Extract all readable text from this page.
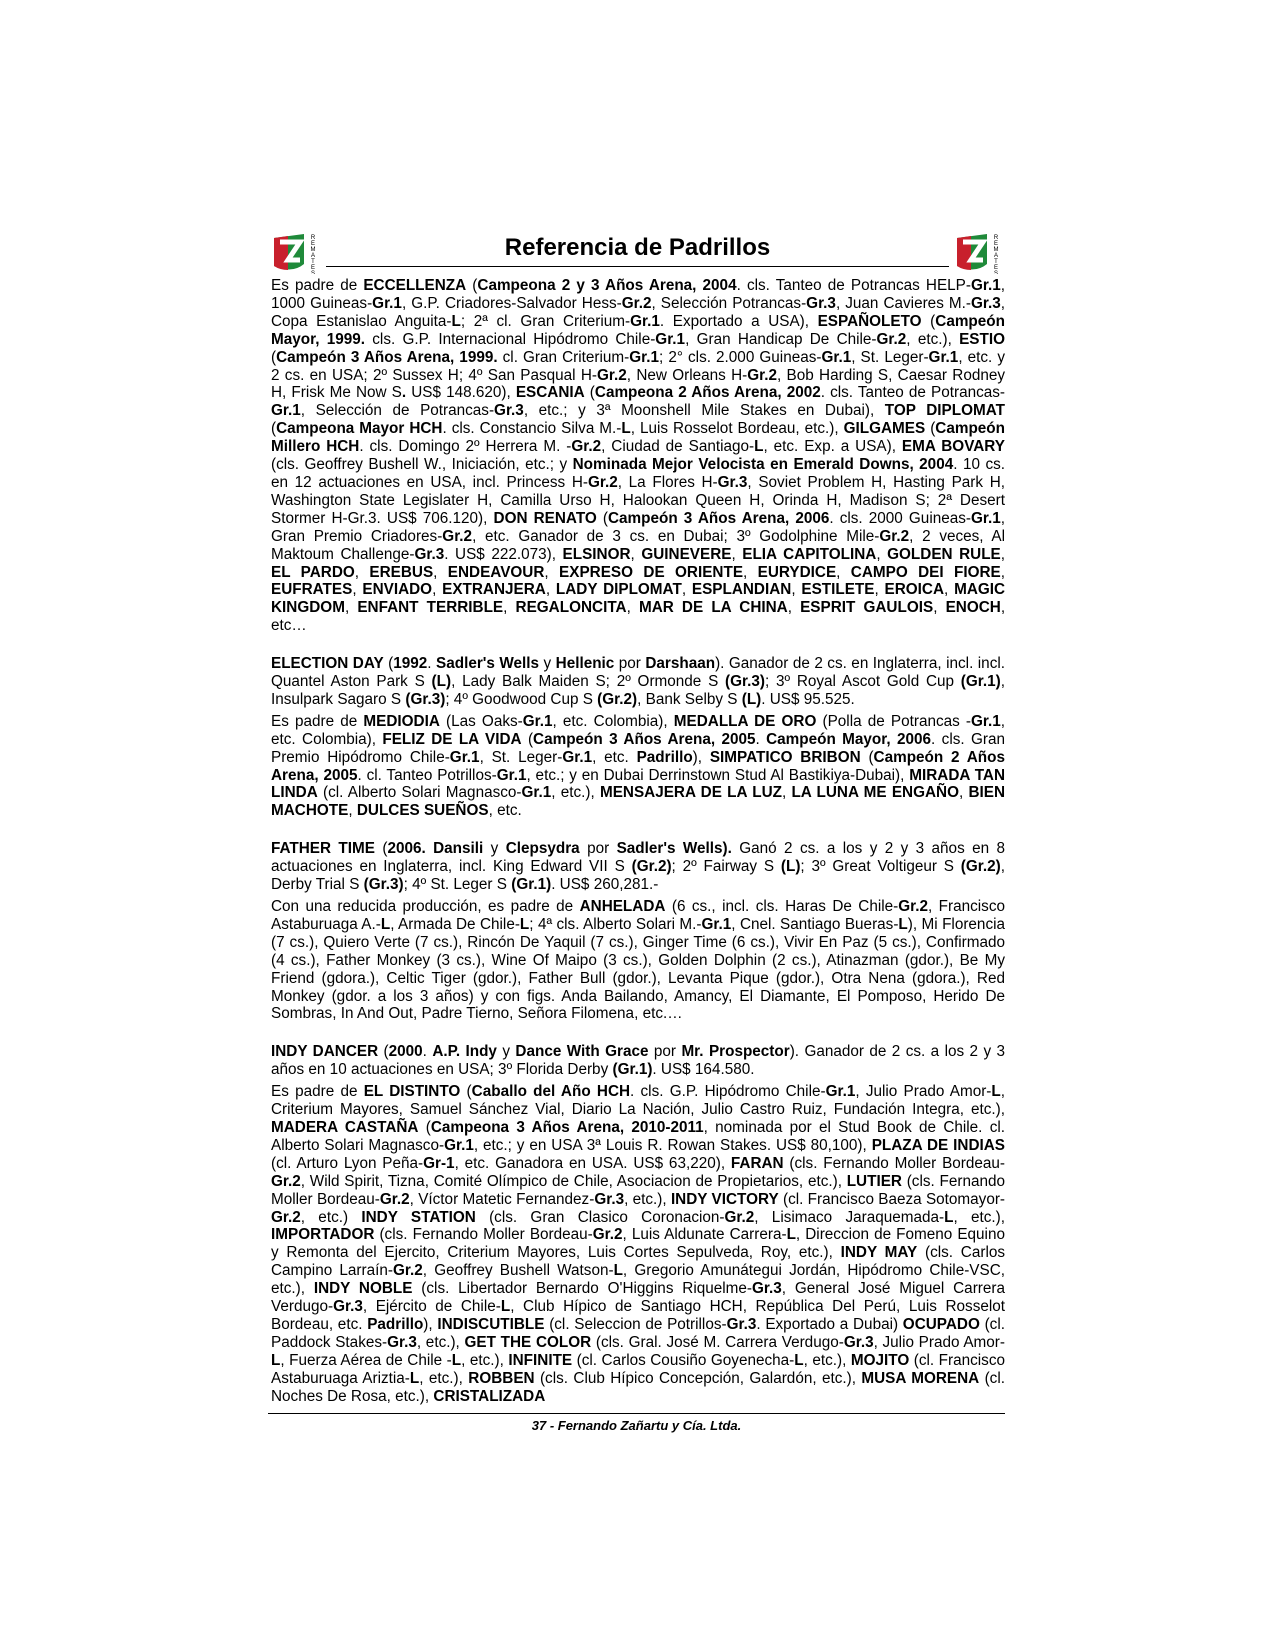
R E M A T E S
Referencia de Padrillos	R E M A T E S

Es padre de ECCELLENZA (Campeona 2 y 3 Años Arena, 2004. cls. Tanteo de Potrancas HELP-Gr.1, 1000 Guineas-Gr.1, G.P. Criadores-Salvador Hess-Gr.2, Selección Potrancas-Gr.3, Juan Cavieres M.-Gr.3, Copa Estanislao Anguita-L; 2ª cl. Gran Criterium-Gr.1. Exportado a USA), ESPAÑOLETO (Campeón Mayor, 1999. cls. G.P. Internacional Hipódromo Chile-Gr.1, Gran Handicap De Chile-Gr.2, etc.), ESTIO (Campeón 3 Años Arena, 1999. cl. Gran Criterium-Gr.1; 2° cls. 2.000 Guineas-Gr.1, St. Leger-Gr.1, etc. y 2 cs. en USA; 2º Sussex H; 4º San Pasqual H-Gr.2, New Orleans H-Gr.2, Bob Harding S, Caesar Rodney H, Frisk Me Now S. US$ 148.620), ESCANIA (Campeona 2 Años Arena, 2002. cls. Tanteo de Potrancas-Gr.1, Selección de Potrancas-Gr.3, etc.; y 3ª Moonshell Mile Stakes en Dubai), TOP DIPLOMAT (Campeona Mayor HCH. cls. Constancio Silva M.-L, Luis Rosselot Bordeau, etc.), GILGAMES (Campeón Millero HCH. cls. Domingo 2º Herrera M. -Gr.2, Ciudad de Santiago-L, etc. Exp. a USA), EMA BOVARY (cls. Geoffrey Bushell W., Iniciación, etc.; y Nominada Mejor Velocista en Emerald Downs, 2004. 10 cs. en 12 actuaciones en USA, incl. Princess H-Gr.2, La Flores H-Gr.3, Soviet Problem H, Hasting Park H, Washington State Legislater H, Camilla Urso H, Halookan Queen H, Orinda H, Madison S; 2ª Desert Stormer H-Gr.3. US$ 706.120), DON RENATO (Campeón 3 Años Arena, 2006. cls. 2000 Guineas-Gr.1, Gran Premio Criadores-Gr.2, etc. Ganador de 3 cs. en Dubai; 3º Godolphine Mile-Gr.2, 2 veces, Al Maktoum Challenge-Gr.3. US$ 222.073), ELSINOR, GUINEVERE, ELIA CAPITOLINA, GOLDEN RULE, EL PARDO, EREBUS, ENDEAVOUR, EXPRESO DE ORIENTE, EURYDICE, CAMPO DEI FIORE, EUFRATES, ENVIADO, EXTRANJERA, LADY DIPLOMAT, ESPLANDIAN, ESTILETE, EROICA, MAGIC KINGDOM, ENFANT TERRIBLE, REGALONCITA, MAR DE LA CHINA, ESPRIT GAULOIS, ENOCH, etc…

ELECTION DAY (1992. Sadler's Wells y Hellenic por Darshaan). Ganador de 2 cs. en Inglaterra, incl. incl. Quantel Aston Park S (L), Lady Balk Maiden S; 2º Ormonde S (Gr.3); 3º Royal Ascot Gold Cup (Gr.1), Insulpark Sagaro S (Gr.3); 4º Goodwood Cup S (Gr.2), Bank Selby S (L). US$ 95.525.

Es padre de MEDIODIA (Las Oaks-Gr.1, etc. Colombia), MEDALLA DE ORO (Polla de Potrancas -Gr.1, etc. Colombia), FELIZ DE LA VIDA (Campeón 3 Años Arena, 2005. Campeón Mayor, 2006. cls. Gran Premio Hipódromo Chile-Gr.1, St. Leger-Gr.1, etc. Padrillo), SIMPATICO BRIBON (Campeón 2 Años Arena, 2005. cl. Tanteo Potrillos-Gr.1, etc.; y en Dubai Derrinstown Stud Al Bastikiya-Dubai), MIRADA TAN LINDA (cl. Alberto Solari Magnasco-Gr.1, etc.), MENSAJERA DE LA LUZ, LA LUNA ME ENGAÑO, BIEN MACHOTE, DULCES SUEÑOS, etc.

FATHER TIME (2006. Dansili y Clepsydra por Sadler's Wells). Ganó 2 cs. a los y 2 y 3 años en 8 actuaciones en Inglaterra, incl. King Edward VII S (Gr.2); 2º Fairway S (L); 3º Great Voltigeur S (Gr.2), Derby Trial S (Gr.3); 4º St. Leger S (Gr.1). US$ 260,281.-

Con una reducida producción, es padre de ANHELADA (6 cs., incl. cls. Haras De Chile-Gr.2, Francisco Astaburuaga A.-L, Armada De Chile-L; 4ª cls. Alberto Solari M.-Gr.1, Cnel. Santiago Bueras-L), Mi Florencia (7 cs.), Quiero Verte (7 cs.), Rincón De Yaquil (7 cs.), Ginger Time (6 cs.), Vivir En Paz (5 cs.), Confirmado (4 cs.), Father Monkey (3 cs.), Wine Of Maipo (3 cs.), Golden Dolphin (2 cs.), Atinazman (gdor.), Be My Friend (gdora.), Celtic Tiger (gdor.), Father Bull (gdor.), Levanta Pique (gdor.), Otra Nena (gdora.), Red Monkey (gdor. a los 3 años) y con figs. Anda Bailando, Amancy, El Diamante, El Pomposo, Herido De Sombras, In And Out, Padre Tierno, Señora Filomena, etc.…

INDY DANCER (2000. A.P. Indy y Dance With Grace por Mr. Prospector). Ganador de 2 cs. a los 2 y 3 años en 10 actuaciones en USA; 3º Florida Derby (Gr.1). US$ 164.580.

Es padre de EL DISTINTO (Caballo del Año HCH. cls. G.P. Hipódromo Chile-Gr.1, Julio Prado Amor-L, Criterium Mayores, Samuel Sánchez Vial, Diario La Nación, Julio Castro Ruiz, Fundación Integra, etc.), MADERA CASTAÑA (Campeona 3 Años Arena, 2010-2011, nominada por el Stud Book de Chile. cl. Alberto Solari Magnasco-Gr.1, etc.; y en USA 3ª Louis R. Rowan Stakes. US$ 80,100), PLAZA DE INDIAS (cl. Arturo Lyon Peña-Gr-1, etc. Ganadora en USA. US$ 63,220), FARAN (cls. Fernando Moller Bordeau-Gr.2, Wild Spirit, Tizna, Comité Olímpico de Chile, Asociacion de Propietarios, etc.), LUTIER (cls. Fernando Moller Bordeau-Gr.2, Víctor Matetic Fernandez-Gr.3, etc.), INDY VICTORY (cl. Francisco Baeza Sotomayor-Gr.2, etc.) INDY STATION (cls. Gran Clasico Coronacion-Gr.2, Lisimaco Jaraquemada-L, etc.), IMPORTADOR (cls. Fernando Moller Bordeau-Gr.2, Luis Aldunate Carrera-L, Direccion de Fomeno Equino y Remonta del Ejercito, Criterium Mayores, Luis Cortes Sepulveda, Roy, etc.), INDY MAY (cls. Carlos Campino Larraín-Gr.2, Geoffrey Bushell Watson-L, Gregorio Amunátegui Jordán, Hipódromo Chile-VSC, etc.), INDY NOBLE (cls. Libertador Bernardo O'Higgins Riquelme-Gr.3, General José Miguel Carrera Verdugo-Gr.3, Ejército de Chile-L, Club Hípico de Santiago HCH, República Del Perú, Luis Rosselot Bordeau, etc. Padrillo), INDISCUTIBLE (cl. Seleccion de Potrillos-Gr.3. Exportado a Dubai) OCUPADO (cl. Paddock Stakes-Gr.3, etc.), GET THE COLOR (cls. Gral. José M. Carrera Verdugo-Gr.3, Julio Prado Amor-L, Fuerza Aérea de Chile -L, etc.), INFINITE (cl. Carlos Cousiño Goyenecha-L, etc.), MOJITO (cl. Francisco Astaburuaga Ariztia-L, etc.), ROBBEN (cls. Club Hípico Concepción, Galardón, etc.), MUSA MORENA (cl. Noches De Rosa, etc.), CRISTALIZADA

37 - Fernando Zañartu y Cía. Ltda.
